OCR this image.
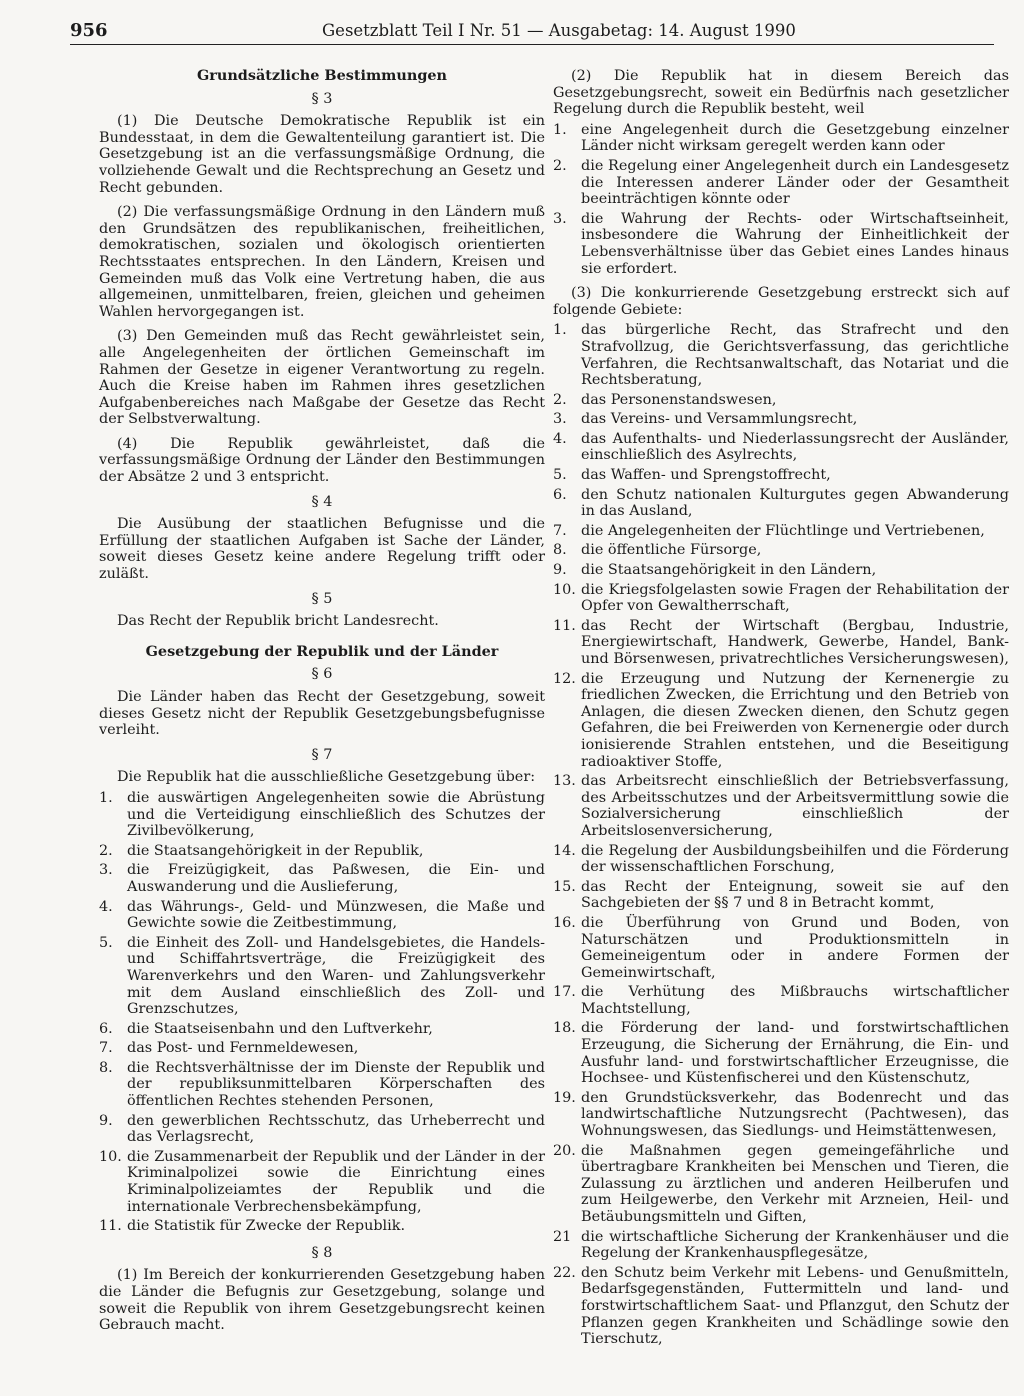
956	Gesetzblatt Teil I Nr. 51 — Ausgabetag: 14. August 1990
Grundsätzliche Bestimmungen
§ 3

(1) Die Deutsche Demokratische Republik ist ein Bundesstaat, in dem die Gewaltenteilung garantiert ist. Die Gesetzgebung ist an die verfassungsmäßige Ordnung, die vollziehende Gewalt und die Rechtsprechung an Gesetz und Recht gebunden.

(2) Die verfassungsmäßige Ordnung in den Ländern muß den Grundsätzen des republikanischen, freiheitlichen, demokratischen, sozialen und ökologisch orientierten Rechtsstaates entsprechen. In den Ländern, Kreisen und Gemeinden muß das Volk eine Vertretung haben, die aus allgemeinen, unmittelbaren, freien, gleichen und geheimen Wahlen hervorgegangen ist.

(3) Den Gemeinden muß das Recht gewährleistet sein, alle Angelegenheiten der örtlichen Gemeinschaft im Rahmen der Gesetze in eigener Verantwortung zu regeln. Auch die Kreise haben im Rahmen ihres gesetzlichen Aufgabenbereiches nach Maßgabe der Gesetze das Recht der Selbstverwaltung.

(4) Die Republik gewährleistet, daß die verfassungsmäßige Ordnung der Länder den Bestimmungen der Absätze 2 und 3 entspricht.

§ 4

Die Ausübung der staatlichen Befugnisse und die Erfüllung der staatlichen Aufgaben ist Sache der Länder, soweit dieses Gesetz keine andere Regelung trifft oder zuläßt.

§ 5

Das Recht der Republik bricht Landesrecht.

Gesetzgebung der Republik und der Länder
§ 6

Die Länder haben das Recht der Gesetzgebung, soweit dieses Gesetz nicht der Republik Gesetzgebungsbefugnisse verleiht.

§ 7

Die Republik hat die ausschließliche Gesetzgebung über:

1. die auswärtigen Angelegenheiten sowie die Abrüstung und die Verteidigung einschließlich des Schutzes der Zivilbevölkerung,
2. die Staatsangehörigkeit in der Republik,
3. die Freizügigkeit, das Paßwesen, die Ein- und Auswanderung und die Auslieferung,
4. das Währungs-, Geld- und Münzwesen, die Maße und Gewichte sowie die Zeitbestimmung,
5. die Einheit des Zoll- und Handelsgebietes, die Handels- und Schiffahrtsverträge, die Freizügigkeit des Warenverkehrs und den Waren- und Zahlungsverkehr mit dem Ausland einschließlich des Zoll- und Grenzschutzes,
6. die Staatseisenbahn und den Luftverkehr,
7. das Post- und Fernmeldewesen,
8. die Rechtsverhältnisse der im Dienste der Republik und der republiksunmittelbaren Körperschaften des öffentlichen Rechtes stehenden Personen,
9. den gewerblichen Rechtsschutz, das Urheberrecht und das Verlagsrecht,
10. die Zusammenarbeit der Republik und der Länder in der Kriminalpolizei sowie die Einrichtung eines Kriminalpolizeiamtes der Republik und die internationale Verbrechensbekämpfung,
11. die Statistik für Zwecke der Republik.
§ 8

(1) Im Bereich der konkurrierenden Gesetzgebung haben die Länder die Befugnis zur Gesetzgebung, solange und soweit die Republik von ihrem Gesetzgebungsrecht keinen Gebrauch macht.

(2) Die Republik hat in diesem Bereich das Gesetzgebungsrecht, soweit ein Bedürfnis nach gesetzlicher Regelung durch die Republik besteht, weil

1. eine Angelegenheit durch die Gesetzgebung einzelner Länder nicht wirksam geregelt werden kann oder
2. die Regelung einer Angelegenheit durch ein Landesgesetz die Interessen anderer Länder oder der Gesamtheit beeinträchtigen könnte oder
3. die Wahrung der Rechts- oder Wirtschaftseinheit, insbesondere die Wahrung der Einheitlichkeit der Lebensverhältnisse über das Gebiet eines Landes hinaus sie erfordert.

(3) Die konkurrierende Gesetzgebung erstreckt sich auf folgende Gebiete:

1. das bürgerliche Recht, das Strafrecht und den Strafvollzug, die Gerichtsverfassung, das gerichtliche Verfahren, die Rechtsanwaltschaft, das Notariat und die Rechtsberatung,
2. das Personenstandswesen,
3. das Vereins- und Versammlungsrecht,
4. das Aufenthalts- und Niederlassungsrecht der Ausländer, einschließlich des Asylrechts,
5. das Waffen- und Sprengstoffrecht,
6. den Schutz nationalen Kulturgutes gegen Abwanderung in das Ausland,
7. die Angelegenheiten der Flüchtlinge und Vertriebenen,
8. die öffentliche Fürsorge,
9. die Staatsangehörigkeit in den Ländern,
10. die Kriegsfolgelasten sowie Fragen der Rehabilitation der Opfer von Gewaltherrschaft,
11. das Recht der Wirtschaft (Bergbau, Industrie, Energiewirtschaft, Handwerk, Gewerbe, Handel, Bank- und Börsenwesen, privatrechtliches Versicherungswesen),
12. die Erzeugung und Nutzung der Kernenergie zu friedlichen Zwecken, die Errichtung und den Betrieb von Anlagen, die diesen Zwecken dienen, den Schutz gegen Gefahren, die bei Freiwerden von Kernenergie oder durch ionisierende Strahlen entstehen, und die Beseitigung radioaktiver Stoffe,
13. das Arbeitsrecht einschließlich der Betriebsverfassung, des Arbeitsschutzes und der Arbeitsvermittlung sowie die Sozialversicherung einschließlich der Arbeitslosenversicherung,
14. die Regelung der Ausbildungsbeihilfen und die Förderung der wissenschaftlichen Forschung,
15. das Recht der Enteignung, soweit sie auf den Sachgebieten der §§ 7 und 8 in Betracht kommt,
16. die Überführung von Grund und Boden, von Naturschätzen und Produktionsmitteln in Gemeineigentum oder in andere Formen der Gemeinwirtschaft,
17. die Verhütung des Mißbrauchs wirtschaftlicher Machtstellung,
18. die Förderung der land- und forstwirtschaftlichen Erzeugung, die Sicherung der Ernährung, die Ein- und Ausfuhr land- und forstwirtschaftlicher Erzeugnisse, die Hochsee- und Küstenfischerei und den Küstenschutz,
19. den Grundstücksverkehr, das Bodenrecht und das landwirtschaftliche Nutzungsrecht (Pachtwesen), das Wohnungswesen, das Siedlungs- und Heimstättenwesen,
20. die Maßnahmen gegen gemeingefährliche und übertragbare Krankheiten bei Menschen und Tieren, die Zulassung zu ärztlichen und anderen Heilberufen und zum Heilgewerbe, den Verkehr mit Arzneien, Heil- und Betäubungsmitteln und Giften,
21 die wirtschaftliche Sicherung der Krankenhäuser und die Regelung der Krankenhauspflegesätze,
22. den Schutz beim Verkehr mit Lebens- und Genußmitteln, Bedarfsgegenständen, Futtermitteln und land- und forstwirtschaftlichem Saat- und Pflanzgut, den Schutz der Pflanzen gegen Krankheiten und Schädlinge sowie den Tierschutz,
